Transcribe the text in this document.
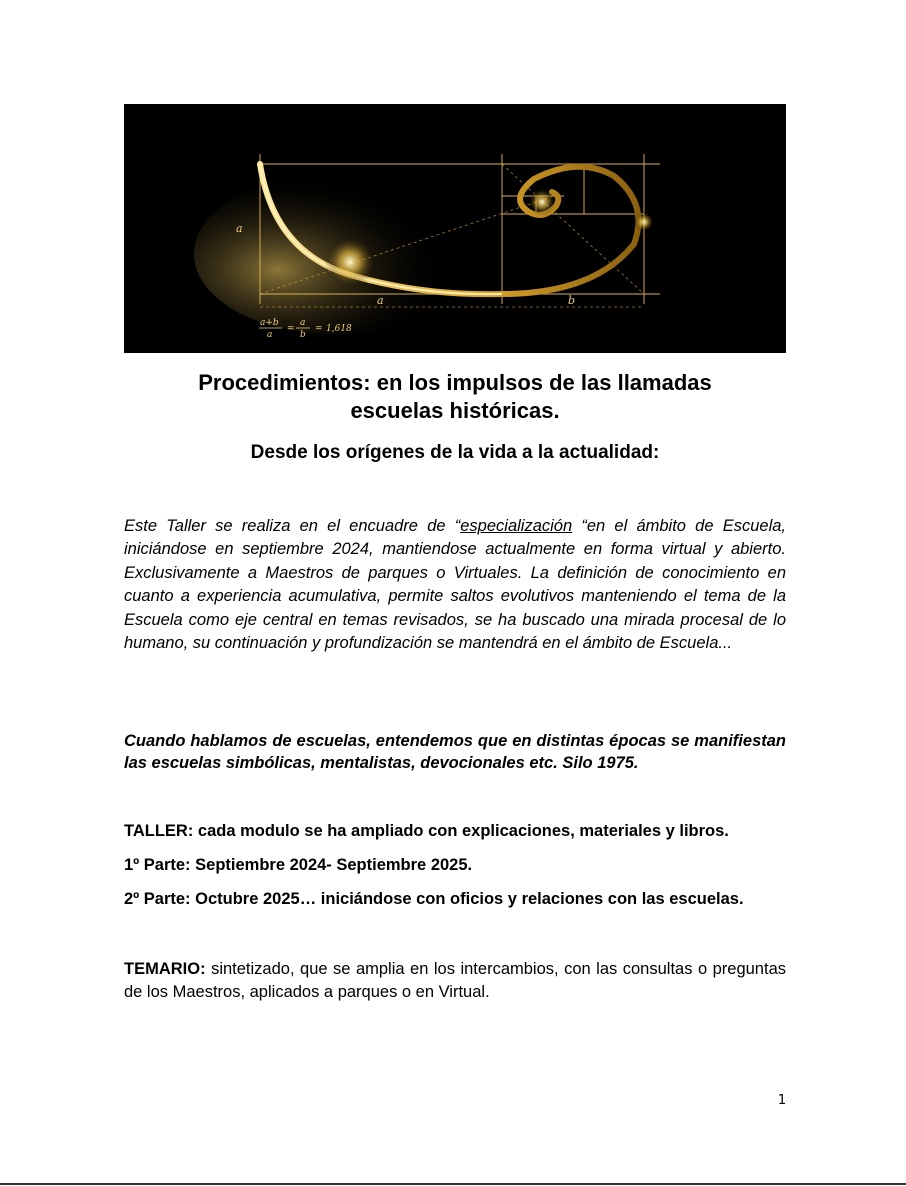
a
a	b
a+b
a
=
a
b
= 1,618
Procedimientos: en los impulsos de las llamadas
escuelas históricas.
Desde los orígenes de la vida a la actualidad:
Este Taller se realiza en el encuadre de “especialización “en el ámbito de Escuela, iniciándose en septiembre 2024, mantiendose actualmente en forma virtual y abierto. Exclusivamente a Maestros de parques o Virtuales. La definición de conocimiento en cuanto a experiencia acumulativa, permite saltos evolutivos manteniendo el tema de la Escuela como eje central en temas revisados, se ha buscado una mirada procesal de lo humano, su continuación y profundización se mantendrá en el ámbito de Escuela...
Cuando hablamos de escuelas, entendemos que en distintas épocas se manifiestan las escuelas simbólicas, mentalistas, devocionales etc. Silo 1975.
TALLER: cada modulo se ha ampliado con explicaciones, materiales y libros.
1º Parte: Septiembre 2024- Septiembre 2025.
2º Parte: Octubre 2025… iniciándose con oficios y relaciones con las escuelas.
TEMARIO: sintetizado, que se amplia en los intercambios, con las consultas o preguntas de los Maestros, aplicados a parques o en Virtual.
1
